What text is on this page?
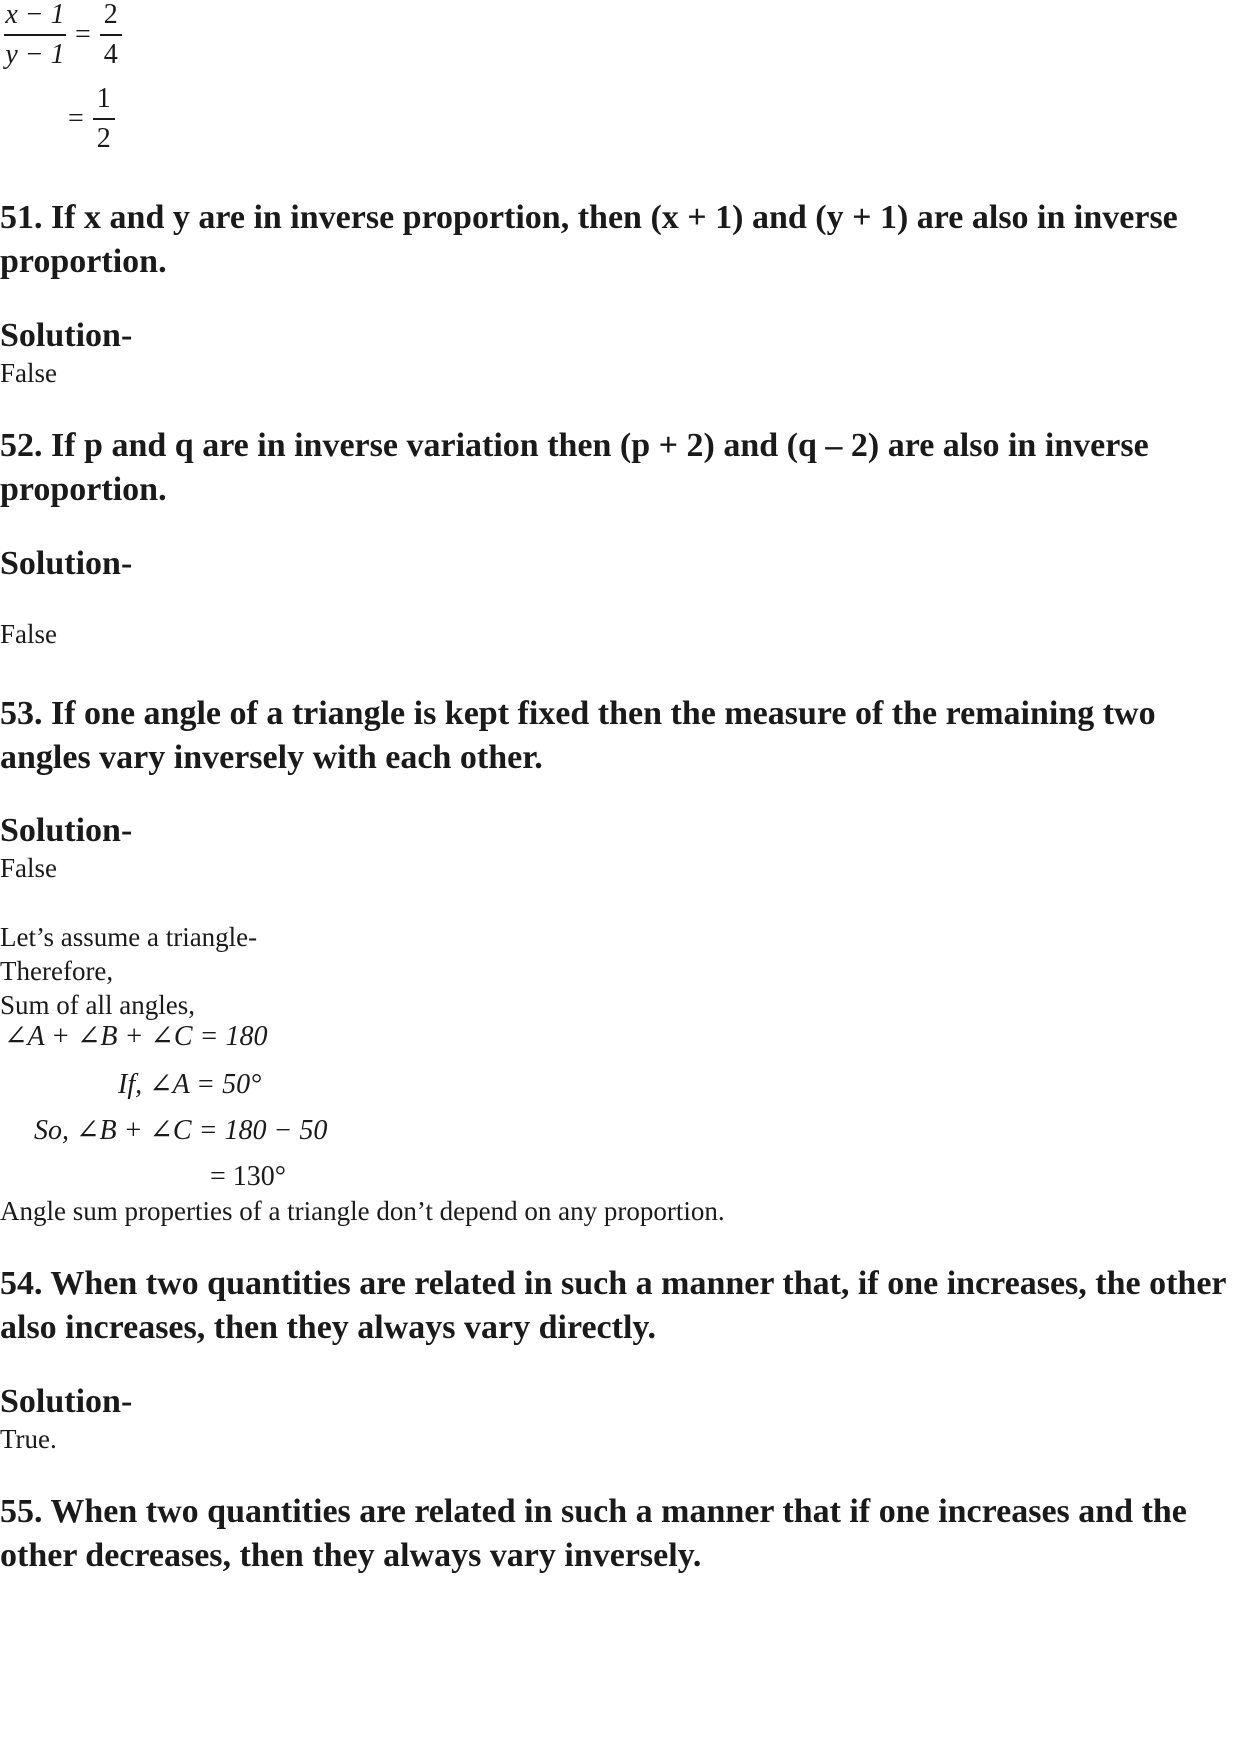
$\frac{x - 1}{y - 1} = \frac{2}{4}$
= $\frac{1}{2}$
51. If x and y are in inverse proportion, then (x + 1) and (y + 1) are also in inverse proportion.
Solution-
False
52. If p and q are in inverse variation then (p + 2) and (q – 2) are also in inverse proportion.
Solution-
False
53. If one angle of a triangle is kept fixed then the measure of the remaining two angles vary inversely with each other.
Solution-
False
Let’s assume a triangle-
Therefore,
Sum of all angles,
∠A + ∠B + ∠C = 180
If, ∠A = 50°
So, ∠B + ∠C = 180 − 50
= 130°
Angle sum properties of a triangle don’t depend on any proportion.
54. When two quantities are related in such a manner that, if one increases, the other also increases, then they always vary directly.
Solution-
True.
55. When two quantities are related in such a manner that if one increases and the other decreases, then they always vary inversely.
